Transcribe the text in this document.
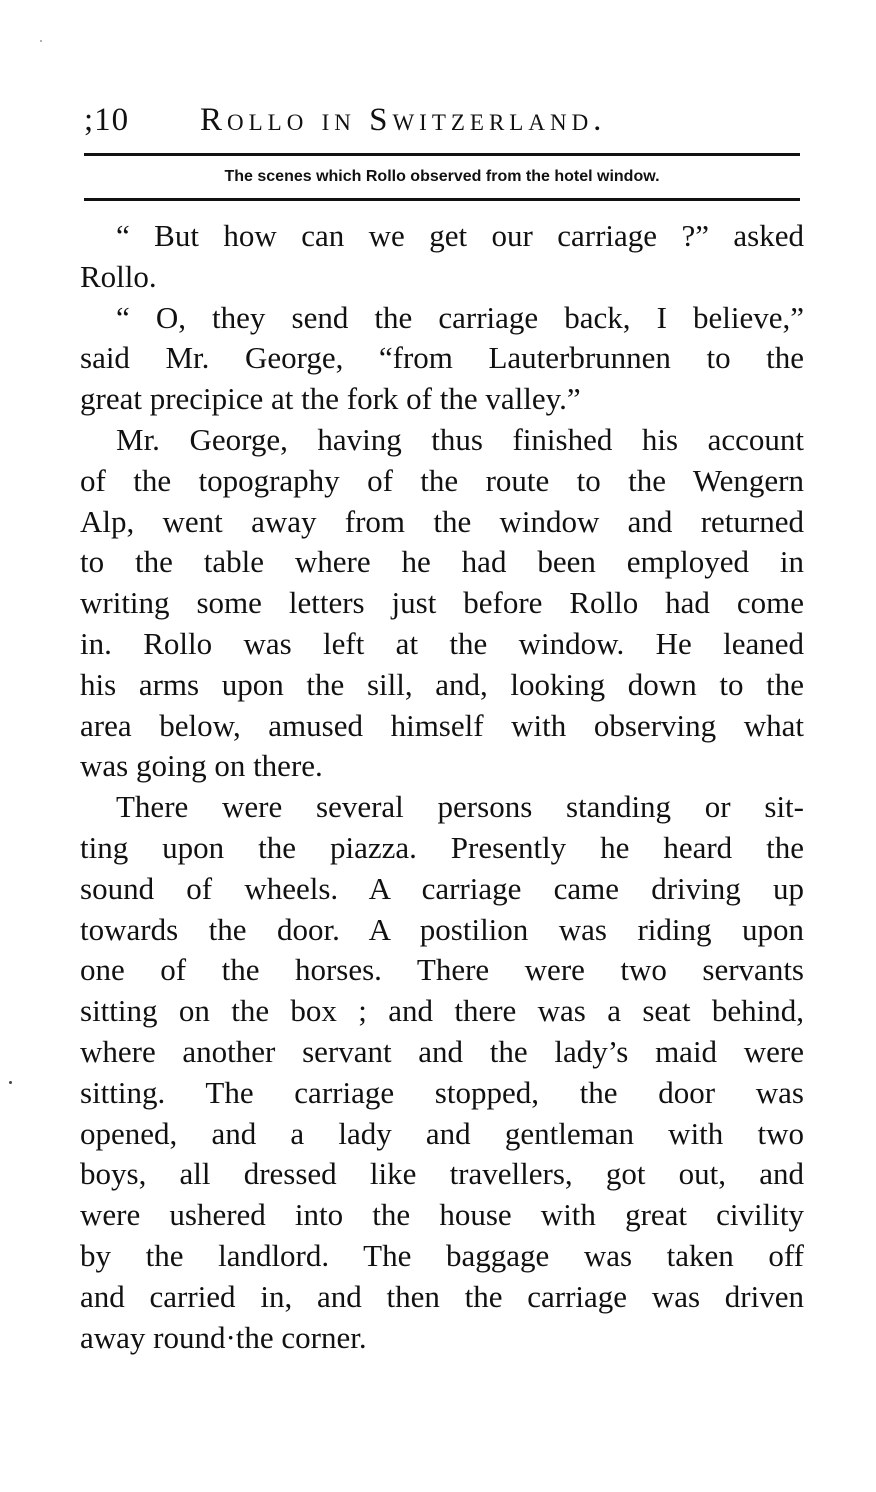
;10 Rollo in Switzerland.
The scenes which Rollo observed from the hotel window.
“ But how can we get our carriage ?” asked
Rollo.
“ O, they send the carriage back, I believe,”
said Mr. George, “from Lauterbrunnen to the
great precipice at the fork of the valley.”
Mr. George, having thus finished his account
of the topography of the route to the Wengern
Alp, went away from the window and returned
to the table where he had been employed in
writing some letters just before Rollo had come
in. Rollo was left at the window. He leaned
his arms upon the sill, and, looking down to the
area below, amused himself with observing what
was going on there.
There were several persons standing or sit-
ting upon the piazza. Presently he heard the
sound of wheels. A carriage came driving up
towards the door. A postilion was riding upon
one of the horses. There were two servants
sitting on the box ; and there was a seat behind,
where another servant and the lady’s maid were
sitting. The carriage stopped, the door was
opened, and a lady and gentleman with two
boys, all dressed like travellers, got out, and
were ushered into the house with great civility
by the landlord. The baggage was taken off
and carried in, and then the carriage was driven
away round·the corner.
